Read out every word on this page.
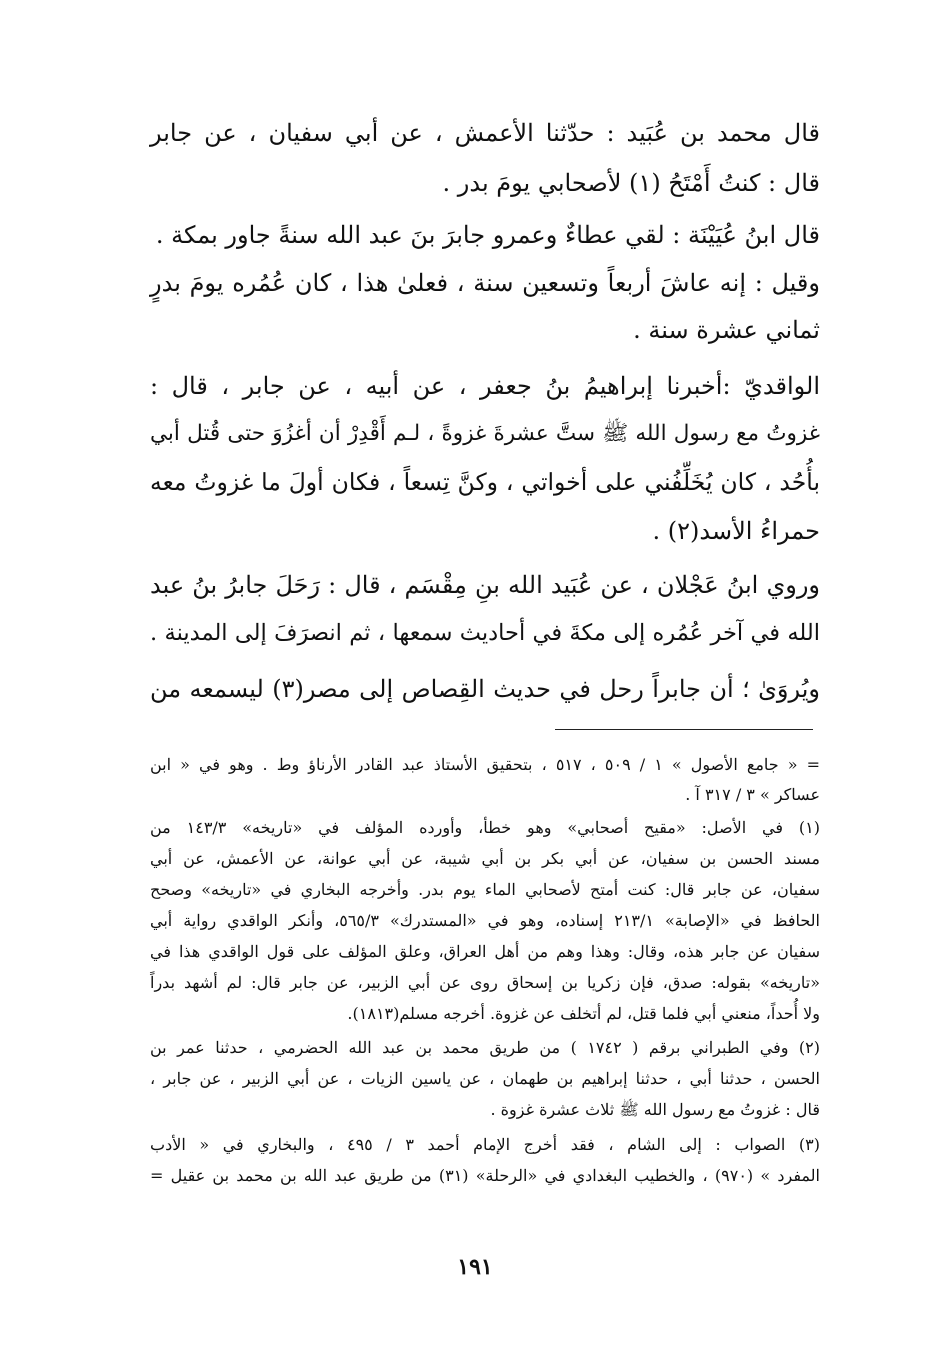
قال محمد بن عُبَيد : حدّثنا الأعمش ، عن أبي سفيان ، عن جابر
قال : كنتُ أَمْتَحُ (١) لأصحابي يومَ بدر .
قال ابنُ عُيَيْنَة : لقي عطاءٌ وعمرو جابرَ بنَ عبد الله سنةً جاور بمكة .
وقيل : إنه عاشَ أربعاً وتسعين سنة ، فعلىٰ هذا ، كان عُمُره يومَ بدرٍ
ثماني عشرة سنة .
الواقديّ :أخبرنا إبراهيمُ بنُ جعفر ، عن أبيه ، عن جابر ، قال :
غزوتُ مع رسول الله ﷺ ستَّ عشرةَ غزوةً ، لـم أَقْدِرْ أن أغزُوَ حتى قُتل أبي
بأُحُد ، كان يُخَلِّفُني على أخواتي ، وكنَّ تِسعاً ، فكان أولَ ما غزوتُ معه
حمراءُ الأسد(٢) .
وروي ابنُ عَجْلان ، عن عُبَيد الله بنِ مِقْسَم ، قال : رَحَلَ جابرُ بنُ عبد
الله في آخر عُمُره إلى مكةَ في أحاديث سمعها ، ثم انصرَفَ إلى المدينة .
ويُروَىٰ ؛ أن جابراً رحل في حديث القِصاص إلى مصر(٣) ليسمعه من
= « جامع الأصول » ١ / ٥٠٩ ، ٥١٧ ، بتحقيق الأستاذ عبد القادر الأرناؤ وط . وهو في « ابن
عساكر » ٣ / ٣١٧ آ .
(١) في الأصل: «مقيح أصحابي» وهو خطأ، وأورده المؤلف في «تاريخه» ١٤٣/٣ من
مسند الحسن بن سفيان، عن أبي بكر بن أبي شيبة، عن أبي عوانة، عن الأعمش، عن أبي
سفيان، عن جابر قال: كنت أمتح لأصحابي الماء يوم بدر. وأخرجه البخاري في «تاريخه» وصحح
الحافظ في «الإصابة» ٢١٣/١ إسناده، وهو في «المستدرك» ٥٦٥/٣، وأنكر الواقدي رواية أبي
سفيان عن جابر هذه، وقال: وهذا وهم من أهل العراق، وعلق المؤلف على قول الواقدي هذا في
«تاريخه» بقوله: صدق، فإن زكريا بن إسحاق روى عن أبي الزبير، عن جابر قال: لم أشهد بدراً
ولا أُحداً، منعني أبي فلما قتل، لم أتخلف عن غزوة. أخرجه مسلم(١٨١٣).
(٢) وفي الطبراني برقم ( ١٧٤٢ ) من طريق محمد بن عبد الله الحضرمي ، حدثنا عمر بن
الحسن ، حدثنا أبي ، حدثنا إبراهيم بن طهمان ، عن ياسين الزيات ، عن أبي الزبير ، عن جابر ،
قال : غزوتُ مع رسول الله ﷺ ثلاث عشرة غزوة .
(٣) الصواب : إلى الشام ، فقد أخرج الإمام أحمد ٣ / ٤٩٥ ، والبخاري في « الأدب
المفرد » (٩٧٠) ، والخطيب البغدادي في «الرحلة» (٣١) من طريق عبد الله بن محمد بن عقيل =
١٩١
